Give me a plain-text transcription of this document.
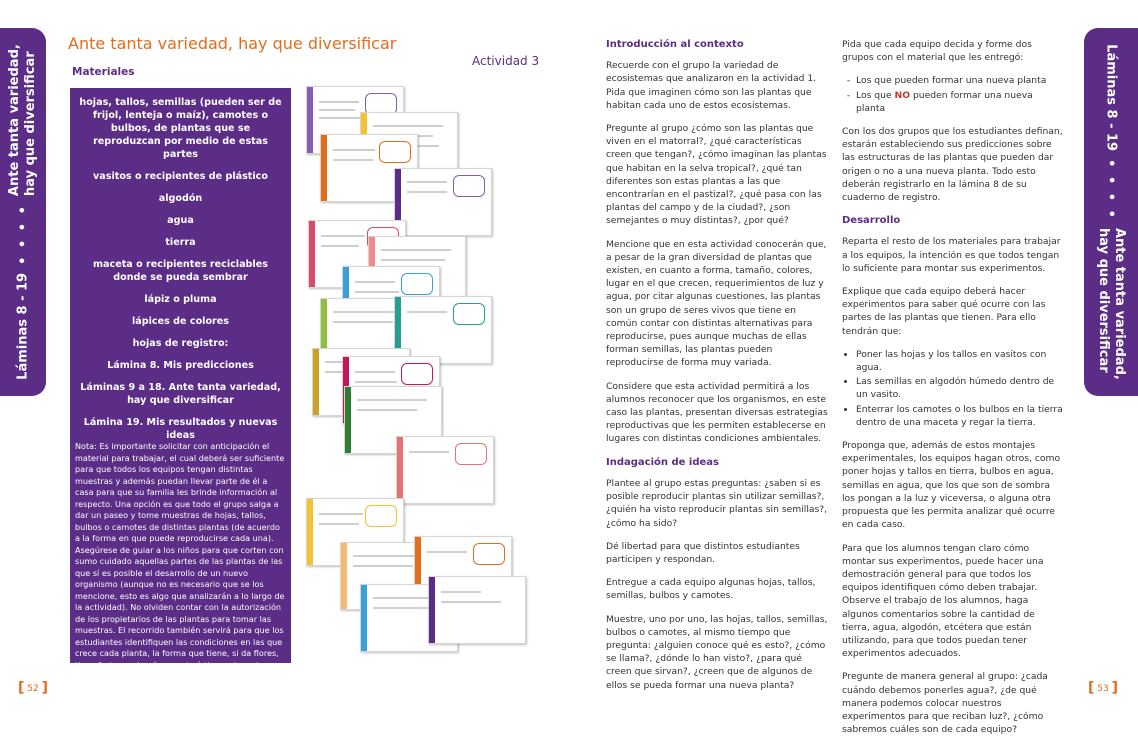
Láminas 8 - 19• • • •Ante tanta variedad,
hay que diversificar	Láminas 8 - 19• • • •Ante tanta variedad,
hay que diversificar
Ante tanta variedad, hay que diversificar
Actividad 3
Materiales
hojas, tallos, semillas (pueden ser de frijol, lenteja o maíz), camotes o bulbos, de plantas que se reproduzcan por medio de estas partes
vasitos o recipientes de plástico
algodón
agua
tierra
maceta o recipientes reciclables donde se pueda sembrar
lápiz o pluma
lápices de colores
hojas de registro:
Lámina 8. Mis predicciones
Láminas 9 a 18. Ante tanta variedad, hay que diversificar
Lámina 19. Mis resultados y nuevas ideas
Nota: Es importante solicitar con anticipación el material para trabajar, el cual deberá ser suficiente para que todos los equipos tengan distintas muestras y además puedan llevar parte de él a casa para que su familia les brinde información al respecto. Una opción es que todo el grupo salga a dar un paseo y tome muestras de hojas, tallos, bulbos o camotes de distintas plantas (de acuerdo a la forma en que puede reproducirse cada una). Asegúrese de guiar a los niños para que corten con sumo cuidado aquellas partes de las plantas de las que sí es posible el desarrollo de un nuevo organismo (aunque no es necesario que se los mencione, esto es algo que analizarán a lo largo de la actividad). No olviden contar con la autorización de los propietarios de las plantas para tomar las muestras. El recorrido también servirá para que los estudiantes identifiquen las condiciones en las que crece cada planta, la forma que tiene, si da flores, tiene frutos, y demás características relevantes que usted puede ayudarles a destacar.
Introducción al contexto

Recuerde con el grupo la variedad de ecosistemas que analizaron en la actividad 1. Pida que imaginen cómo son las plantas que habitan cada uno de estos ecosistemas.

Pregunte al grupo ¿cómo son las plantas que viven en el matorral?, ¿qué características creen que tengan?, ¿cómo imaginan las plantas que habitan en la selva tropical?, ¿qué tan diferentes son estas plantas a las que encontrarían en el pastizal?, ¿qué pasa con las plantas del campo y de la ciudad?, ¿son semejantes o muy distintas?, ¿por qué?

Mencione que en esta actividad conocerán que, a pesar de la gran diversidad de plantas que existen, en cuanto a forma, tamaño, colores, lugar en el que crecen, requerimientos de luz y agua, por citar algunas cuestiones, las plantas son un grupo de seres vivos que tiene en común contar con distintas alternativas para reproducirse, pues aunque muchas de ellas forman semillas, las plantas pueden reproducirse de forma muy variada.

Considere que esta actividad permitirá a los alumnos reconocer que los organismos, en este caso las plantas, presentan diversas estrategias reproductivas que les permiten establecerse en lugares con distintas condiciones ambientales.

Indagación de ideas

Plantee al grupo estas preguntas: ¿saben si es posible reproducir plantas sin utilizar semillas?, ¿quién ha visto reproducir plantas sin semillas?, ¿cómo ha sido?

Dé libertad para que distintos estudiantes participen y respondan.

Entregue a cada equipo algunas hojas, tallos, semillas, bulbos y camotes.

Muestre, uno por uno, las hojas, tallos, semillas, bulbos o camotes, al mismo tiempo que pregunta: ¿alguien conoce qué es esto?, ¿cómo se llama?, ¿dónde lo han visto?, ¿para qué creen que sirvan?, ¿creen que de algunos de ellos se pueda formar una nueva planta?

Pida que cada equipo decida y forme dos grupos con el material que les entregó:

- Los que pueden formar una nueva planta
- Los que NO pueden formar una nueva planta

Con los dos grupos que los estudiantes definan, estarán estableciendo sus predicciones sobre las estructuras de las plantas que pueden dar origen o no a una nueva planta. Todo esto deberán registrarlo en la lámina 8 de su cuaderno de registro.

Desarrollo

Reparta el resto de los materiales para trabajar a los equipos, la intención es que todos tengan lo suficiente para montar sus experimentos.

Explique que cada equipo deberá hacer experimentos para saber qué ocurre con las partes de las plantas que tienen. Para ello tendrán que:

• Poner las hojas y los tallos en vasitos con agua.
• Las semillas en algodón húmedo dentro de un vasito.
• Enterrar los camotes o los bulbos en la tierra dentro de una maceta y regar la tierra.

Proponga que, además de estos montajes experimentales, los equipos hagan otros, como poner hojas y tallos en tierra, bulbos en agua, semillas en agua, que los que son de sombra los pongan a la luz y viceversa, o alguna otra propuesta que les permita analizar qué ocurre en cada caso.

Para que los alumnos tengan claro cómo montar sus experimentos, puede hacer una demostración general para que todos los equipos identifiquen cómo deben trabajar. Observe el trabajo de los alumnos, haga algunos comentarios sobre la cantidad de tierra, agua, algodón, etcétera que están utilizando, para que todos puedan tener experimentos adecuados.

Pregunte de manera general al grupo: ¿cada cuándo debemos ponerles agua?, ¿de qué manera podemos colocar nuestros experimentos para que reciban luz?, ¿cómo sabremos cuáles son de cada equipo?

[ 52 ]	[ 53 ]
